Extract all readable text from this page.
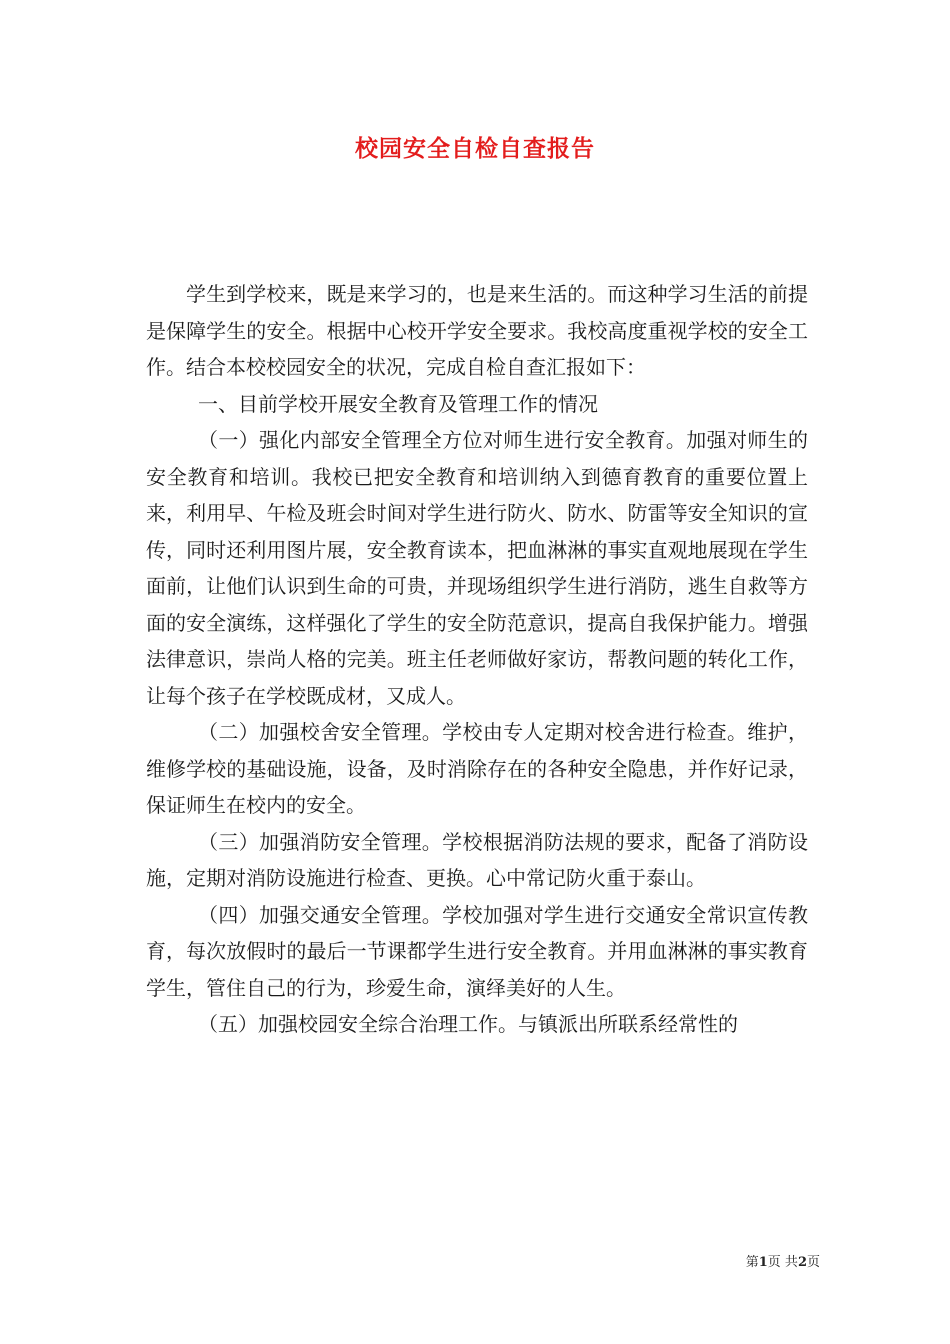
校园安全自检自查报告

学生到学校来，既是来学习的，也是来生活的。而这种学习生活的前提是保障学生的安全。根据中心校开学安全要求。我校高度重视学校的安全工作。结合本校校园安全的状况，完成自检自查汇报如下：

一、目前学校开展安全教育及管理工作的情况

（一）强化内部安全管理全方位对师生进行安全教育。加强对师生的安全教育和培训。我校已把安全教育和培训纳入到德育教育的重要位置上来，利用早、午检及班会时间对学生进行防火、防水、防雷等安全知识的宣传，同时还利用图片展，安全教育读本，把血淋淋的事实直观地展现在学生面前，让他们认识到生命的可贵，并现场组织学生进行消防，逃生自救等方面的安全演练，这样强化了学生的安全防范意识，提高自我保护能力。增强法律意识，崇尚人格的完美。班主任老师做好家访，帮教问题的转化工作，让每个孩子在学校既成材，又成人。

（二）加强校舍安全管理。学校由专人定期对校舍进行检查。维护，维修学校的基础设施，设备，及时消除存在的各种安全隐患，并作好记录，保证师生在校内的安全。

（三）加强消防安全管理。学校根据消防法规的要求，配备了消防设施，定期对消防设施进行检查、更换。心中常记防火重于泰山。

（四）加强交通安全管理。学校加强对学生进行交通安全常识宣传教育，每次放假时的最后一节课都学生进行安全教育。并用血淋淋的事实教育学生，管住自己的行为，珍爱生命，演绎美好的人生。

（五）加强校园安全综合治理工作。与镇派出所联系经常性的

第1页 共2页
